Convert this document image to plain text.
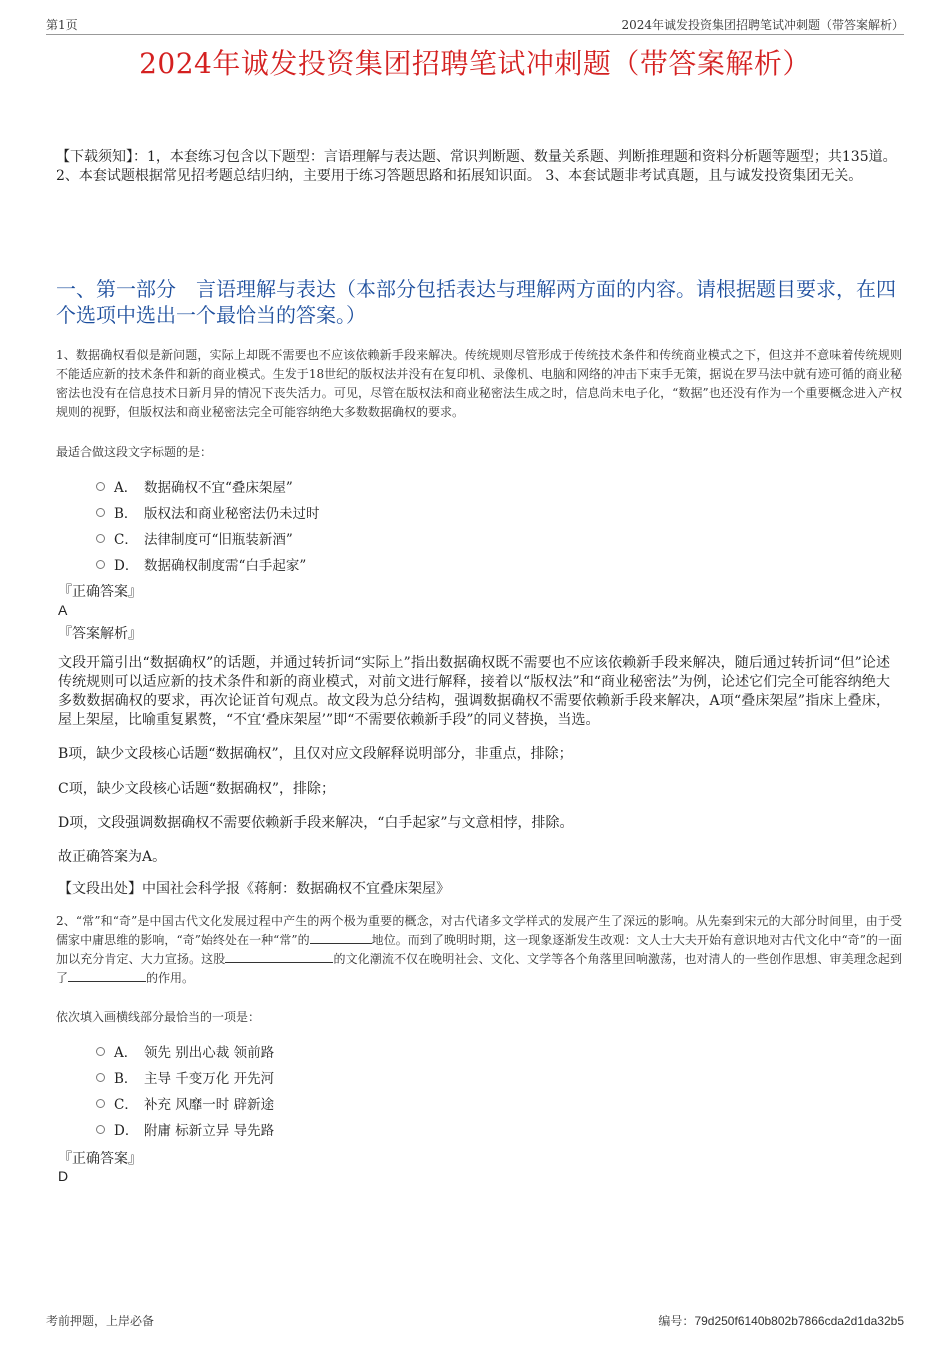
第1页	2024年诚发投资集团招聘笔试冲刺题（带答案解析）
2024年诚发投资集团招聘笔试冲刺题（带答案解析）
【下载须知】：1，本套练习包含以下题型：言语理解与表达题、常识判断题、数量关系题、判断推理题和资料分析题等题型；共135道。 2、本套试题根据常见招考题总结归纳，主要用于练习答题思路和拓展知识面。 3、本套试题非考试真题，且与诚发投资集团无关。
一、第一部分　言语理解与表达（本部分包括表达与理解两方面的内容。请根据题目要求，在四个选项中选出一个最恰当的答案。）
1、数据确权看似是新问题，实际上却既不需要也不应该依赖新手段来解决。传统规则尽管形成于传统技术条件和传统商业模式之下，但这并不意味着传统规则不能适应新的技术条件和新的商业模式。生发于18世纪的版权法并没有在复印机、录像机、电脑和网络的冲击下束手无策，据说在罗马法中就有迹可循的商业秘密法也没有在信息技术日新月异的情况下丧失活力。可见，尽管在版权法和商业秘密法生成之时，信息尚未电子化，“数据”也还没有作为一个重要概念进入产权规则的视野，但版权法和商业秘密法完全可能容纳绝大多数数据确权的要求。
最适合做这段文字标题的是：
A． 数据确权不宜“叠床架屋”
B． 版权法和商业秘密法仍未过时
C． 法律制度可“旧瓶装新酒”
D． 数据确权制度需“白手起家”
『正确答案』
A
『答案解析』
文段开篇引出“数据确权”的话题，并通过转折词“实际上”指出数据确权既不需要也不应该依赖新手段来解决，随后通过转折词“但”论述传统规则可以适应新的技术条件和新的商业模式，对前文进行解释，接着以“版权法”和“商业秘密法”为例，论述它们完全可能容纳绝大多数数据确权的要求，再次论证首句观点。故文段为总分结构，强调数据确权不需要依赖新手段来解决，A项“叠床架屋”指床上叠床，屋上架屋，比喻重复累赘，“不宜‘叠床架屋’”即“不需要依赖新手段”的同义替换，当选。
B项，缺少文段核心话题“数据确权”，且仅对应文段解释说明部分，非重点，排除；
C项，缺少文段核心话题“数据确权”，排除；
D项，文段强调数据确权不需要依赖新手段来解决，“白手起家”与文意相悖，排除。
故正确答案为A。
【文段出处】中国社会科学报《蒋舸：数据确权不宜叠床架屋》
2、“常”和“奇”是中国古代文化发展过程中产生的两个极为重要的概念，对古代诸多文学样式的发展产生了深远的影响。从先秦到宋元的大部分时间里，由于受儒家中庸思维的影响，“奇”始终处在一种“常”的	地位。而到了晚明时期，这一现象逐渐发生改观：文人士大夫开始有意识地对古代文化中“奇”的一面加以充分肯定、大力宣扬。这股	的文化潮流不仅在晚明社会、文化、文学等各个角落里回响激荡，也对清人的一些创作思想、审美理念起到了	的作用。
依次填入画横线部分最恰当的一项是：
A． 领先 别出心裁 领前路
B． 主导 千变万化 开先河
C． 补充 风靡一时 辟新途
D． 附庸 标新立异 导先路
『正确答案』
D
考前押题，上岸必备	编号：79d250f6140b802b7866cda2d1da32b5
